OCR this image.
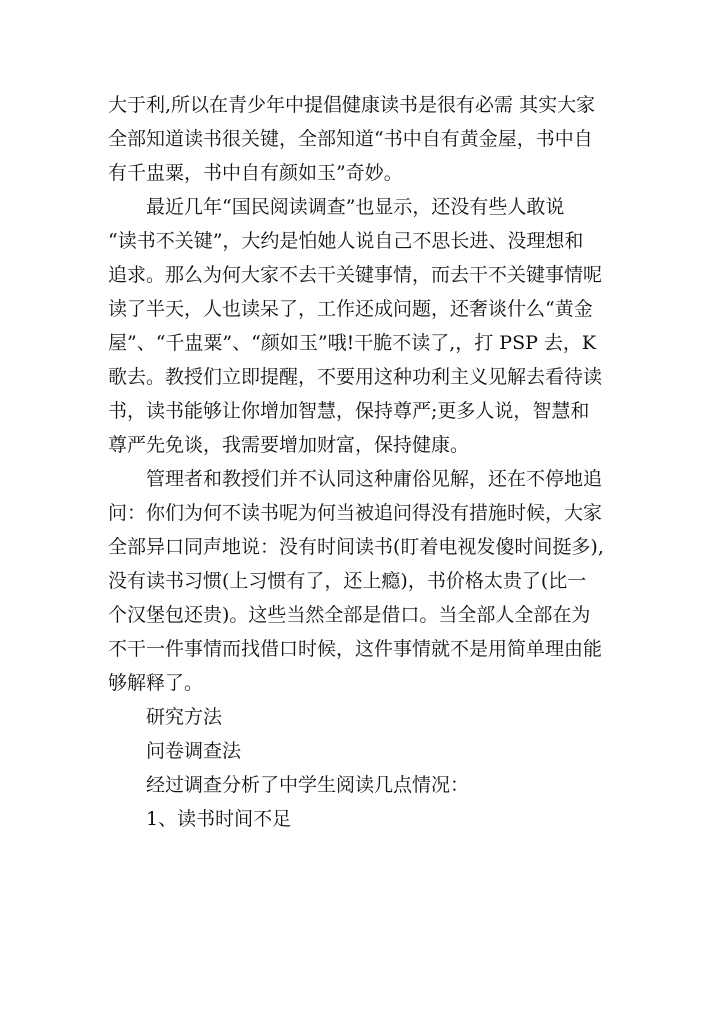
大于利,所以在青少年中提倡健康读书是很有必需 其实大家
全部知道读书很关键，全部知道“书中自有黄金屋，书中自
有千盅粟，书中自有颜如玉”奇妙。
最近几年“国民阅读调查”也显示，还没有些人敢说
“读书不关键”，大约是怕她人说自己不思长进、没理想和
追求。那么为何大家不去干关键事情，而去干不关键事情呢
读了半天，人也读呆了，工作还成问题，还奢谈什么“黄金
屋”、“千盅粟”、“颜如玉”哦!干脆不读了,，打 PSP 去，K
歌去。教授们立即提醒，不要用这种功利主义见解去看待读
书，读书能够让你增加智慧，保持尊严;更多人说，智慧和
尊严先免谈，我需要增加财富，保持健康。
管理者和教授们并不认同这种庸俗见解，还在不停地追
问：你们为何不读书呢为何当被追问得没有措施时候，大家
全部异口同声地说：没有时间读书(盯着电视发傻时间挺多),
没有读书习惯(上习惯有了，还上瘾)，书价格太贵了(比一
个汉堡包还贵)。这些当然全部是借口。当全部人全部在为
不干一件事情而找借口时候，这件事情就不是用简单理由能
够解释了。
研究方法
问卷调查法
经过调查分析了中学生阅读几点情况：
1、读书时间不足
